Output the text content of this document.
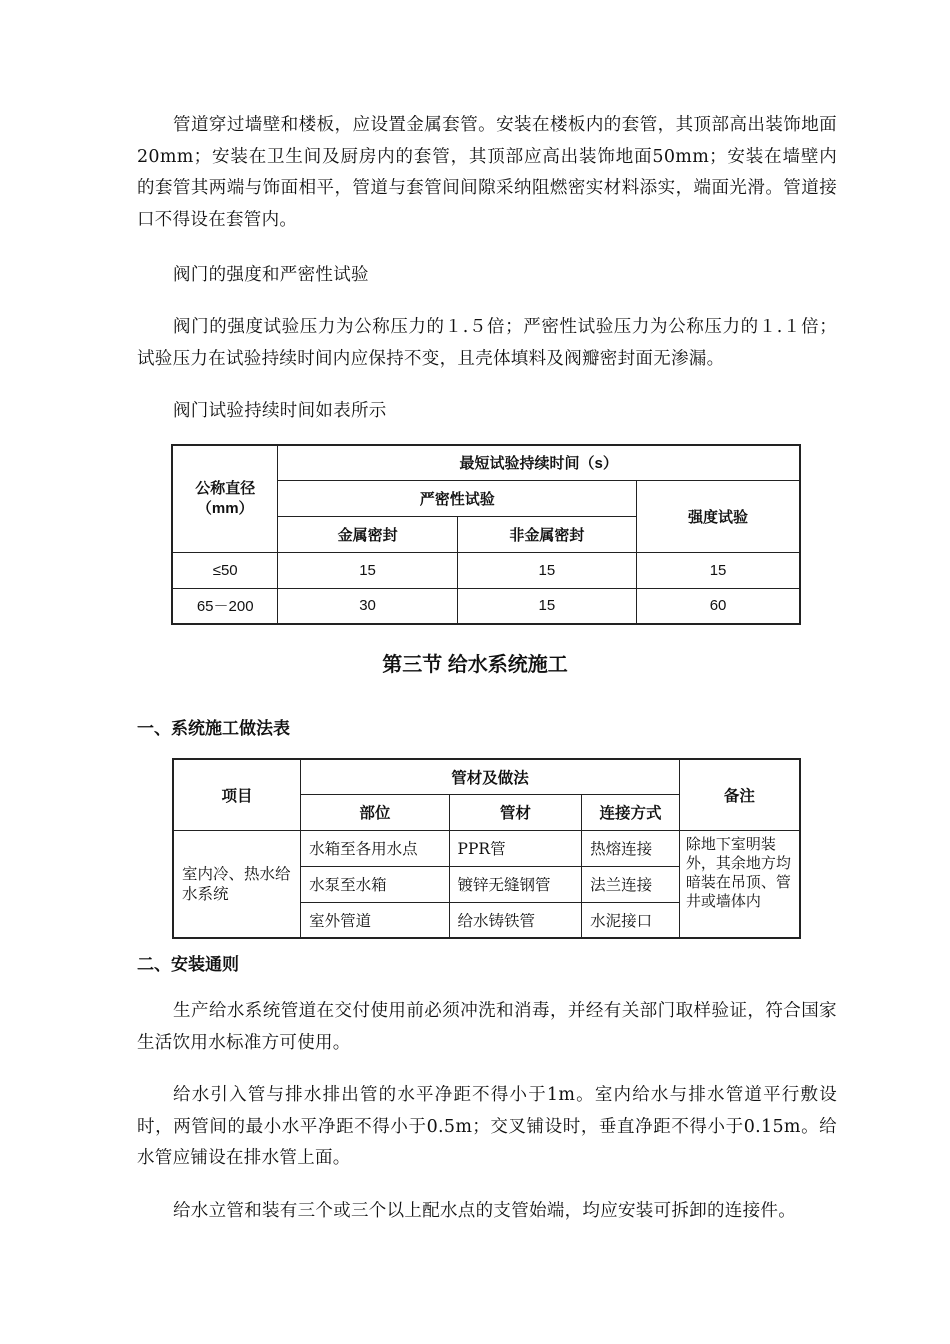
管道穿过墙壁和楼板，应设置金属套管。安装在楼板内的套管，其顶部高出装饰地面20mm；安装在卫生间及厨房内的套管，其顶部应高出装饰地面50mm；安装在墙壁内的套管其两端与饰面相平，管道与套管间间隙采纳阻燃密实材料添实，端面光滑。管道接口不得设在套管内。

阀门的强度和严密性试验

阀门的强度试验压力为公称压力的１.５倍；严密性试验压力为公称压力的１.１倍；试验压力在试验持续时间内应保持不变，且壳体填料及阀瓣密封面无渗漏。

阀门试验持续时间如表所示

公称直径（mm）	最短试验持续时间（s）		
	严密性试验		强度试验
	金属密封	非金属密封	
≤50	15	15	15
65－200	30	15	60

第三节 给水系统施工

一、系统施工做法表

项目	管材及做法			备注
	部位	管材	连接方式	
室内冷、热水给水系统	水箱至各用水点	PPR管	热熔连接	除地下室明装外，其余地方均暗装在吊顶、管井或墙体内
	水泵至水箱	镀锌无缝钢管	法兰连接	
	室外管道	给水铸铁管	水泥接口	

二、安装通则

生产给水系统管道在交付使用前必须冲洗和消毒，并经有关部门取样验证，符合国家生活饮用水标准方可使用。

给水引入管与排水排出管的水平净距不得小于1m。室内给水与排水管道平行敷设时，两管间的最小水平净距不得小于0.5m；交叉铺设时，垂直净距不得小于0.15m。给水管应铺设在排水管上面。

给水立管和装有三个或三个以上配水点的支管始端，均应安装可拆卸的连接件。
